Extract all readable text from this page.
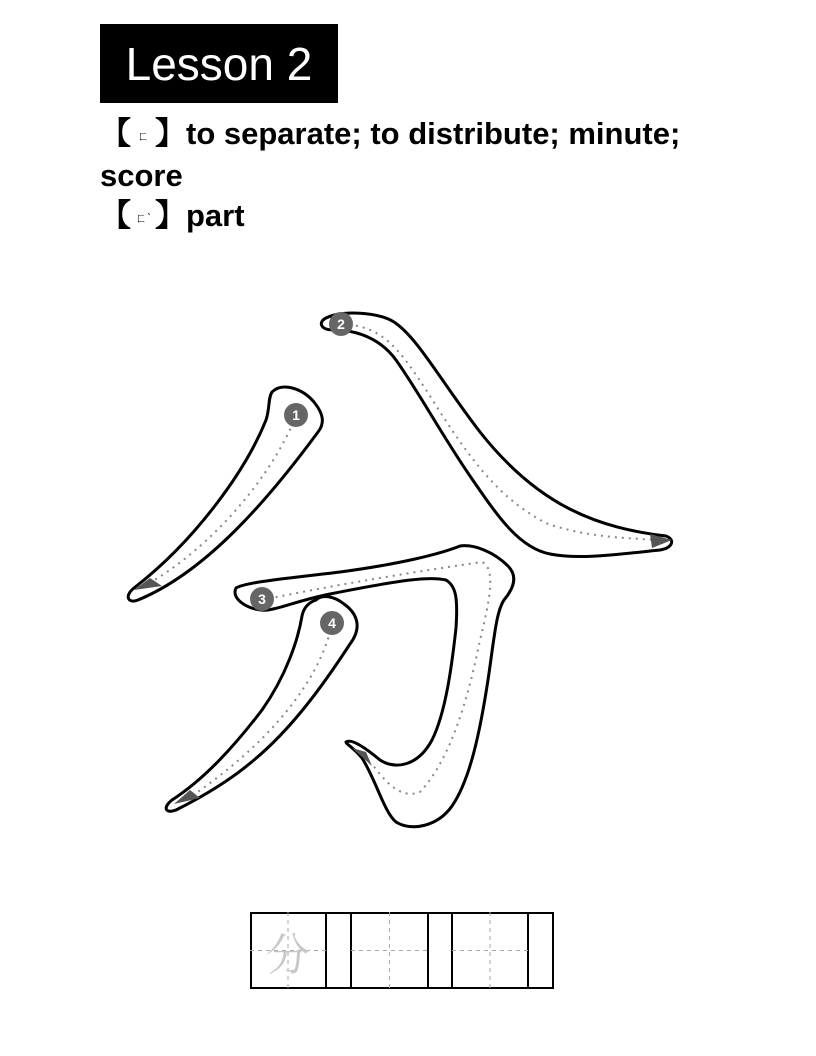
Lesson 2

【 ㄈ 】to separate; to distribute; minute; score

【 ㄈˋ 】part

1
2
3
4
分
